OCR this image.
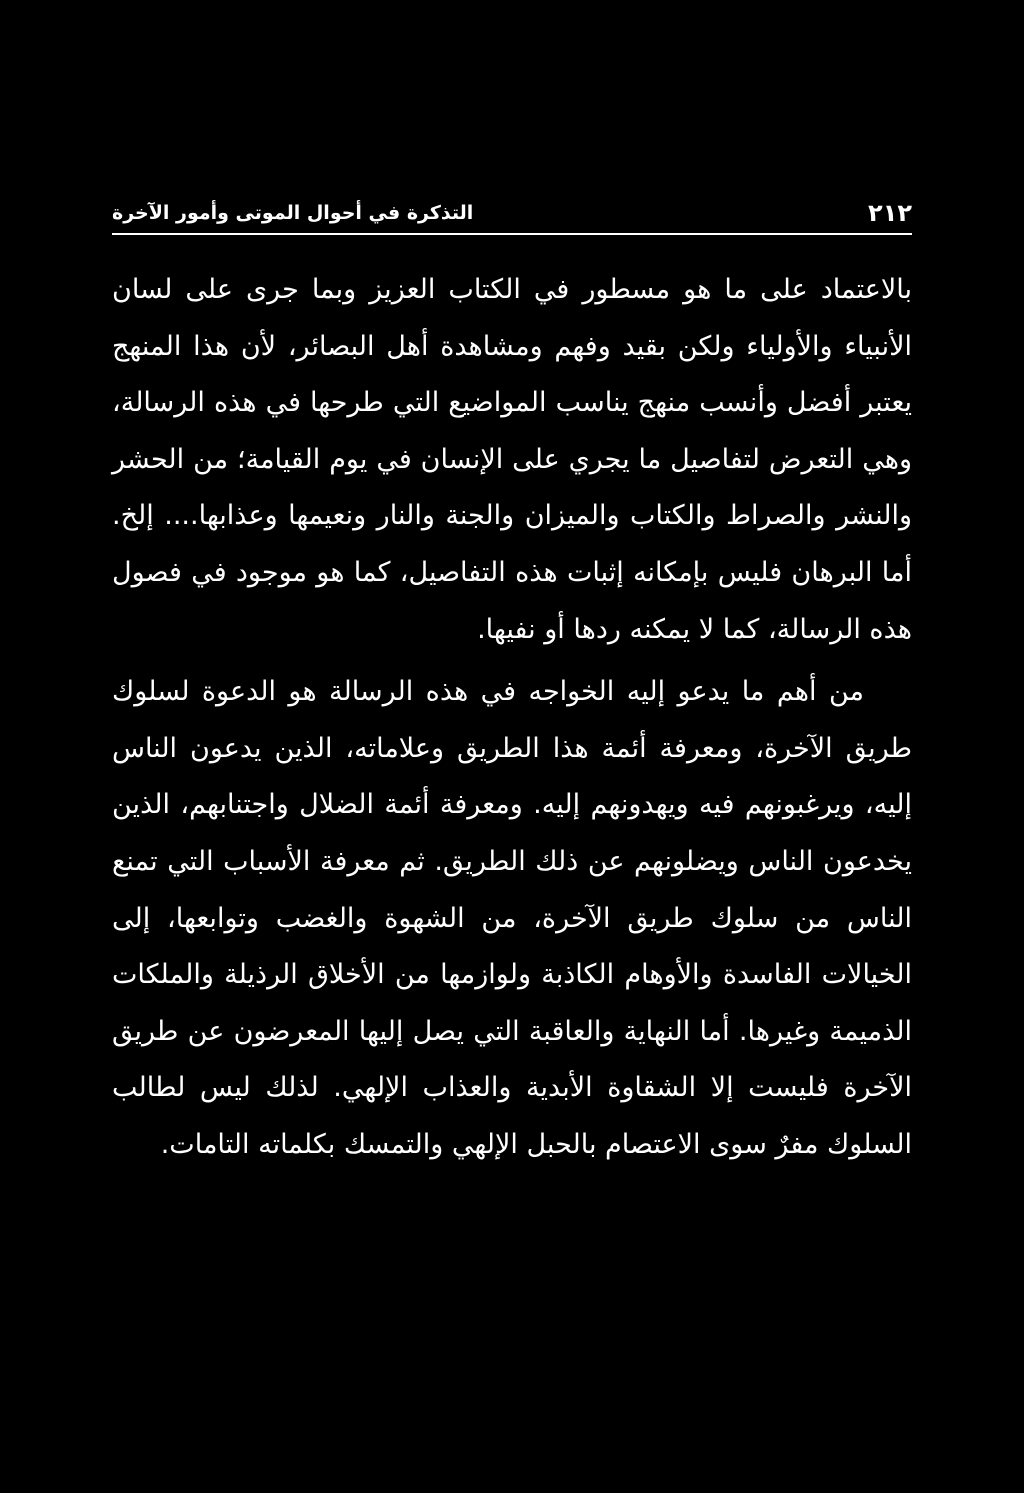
٢١٢
التذكرة في أحوال الموتى وأمور الآخرة

بالاعتماد على ما هو مسطور في الكتاب العزيز وبما جرى على لسان الأنبياء والأولياء ولكن بقيد وفهم ومشاهدة أهل البصائر، لأن هذا المنهج يعتبر أفضل وأنسب منهج يناسب المواضيع التي طرحها في هذه الرسالة، وهي التعرض لتفاصيل ما يجري على الإنسان في يوم القيامة؛ من الحشر والنشر والصراط والكتاب والميزان والجنة والنار ونعيمها وعذابها.... إلخ. أما البرهان فليس بإمكانه إثبات هذه التفاصيل، كما هو موجود في فصول هذه الرسالة، كما لا يمكنه ردها أو نفيها.

من أهم ما يدعو إليه الخواجه في هذه الرسالة هو الدعوة لسلوك طريق الآخرة، ومعرفة أئمة هذا الطريق وعلاماته، الذين يدعون الناس إليه، ويرغبونهم فيه ويهدونهم إليه. ومعرفة أئمة الضلال واجتنابهم، الذين يخدعون الناس ويضلونهم عن ذلك الطريق. ثم معرفة الأسباب التي تمنع الناس من سلوك طريق الآخرة، من الشهوة والغضب وتوابعها، إلى الخيالات الفاسدة والأوهام الكاذبة ولوازمها من الأخلاق الرذيلة والملكات الذميمة وغيرها. أما النهاية والعاقبة التي يصل إليها المعرضون عن طريق الآخرة فليست إلا الشقاوة الأبدية والعذاب الإلهي. لذلك ليس لطالب السلوك مفرٌ سوى الاعتصام بالحبل الإلهي والتمسك بكلماته التامات.
